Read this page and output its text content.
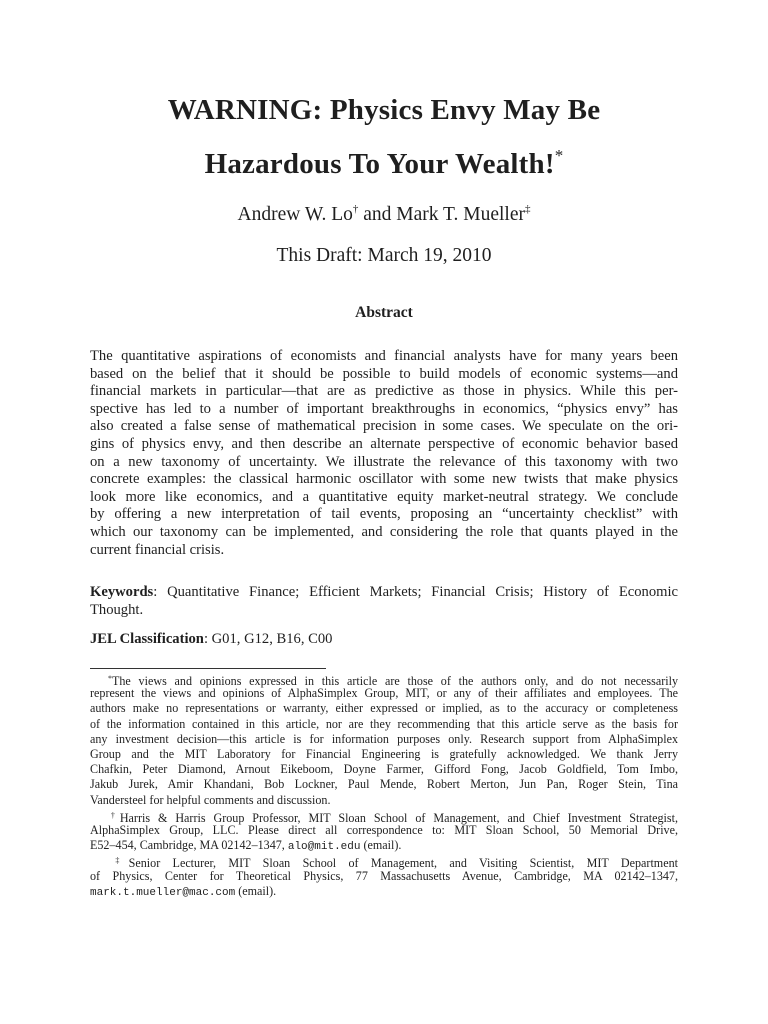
WARNING: Physics Envy May Be
Hazardous To Your Wealth!*
Andrew W. Lo† and Mark T. Mueller‡
This Draft: March 19, 2010
Abstract
The quantitative aspirations of economists and financial analysts have for many years been
based on the belief that it should be possible to build models of economic systems—and
financial markets in particular—that are as predictive as those in physics. While this per-
spective has led to a number of important breakthroughs in economics, “physics envy” has
also created a false sense of mathematical precision in some cases. We speculate on the ori-
gins of physics envy, and then describe an alternate perspective of economic behavior based
on a new taxonomy of uncertainty. We illustrate the relevance of this taxonomy with two
concrete examples: the classical harmonic oscillator with some new twists that make physics
look more like economics, and a quantitative equity market-neutral strategy. We conclude
by offering a new interpretation of tail events, proposing an “uncertainty checklist” with
which our taxonomy can be implemented, and considering the role that quants played in the
current financial crisis.
Keywords: Quantitative Finance; Efficient Markets; Financial Crisis; History of Economic
Thought.
JEL Classification: G01, G12, B16, C00
*The views and opinions expressed in this article are those of the authors only, and do not necessarily
represent the views and opinions of AlphaSimplex Group, MIT, or any of their affiliates and employees. The
authors make no representations or warranty, either expressed or implied, as to the accuracy or completeness
of the information contained in this article, nor are they recommending that this article serve as the basis for
any investment decision—this article is for information purposes only. Research support from AlphaSimplex
Group and the MIT Laboratory for Financial Engineering is gratefully acknowledged. We thank Jerry
Chafkin, Peter Diamond, Arnout Eikeboom, Doyne Farmer, Gifford Fong, Jacob Goldfield, Tom Imbo,
Jakub Jurek, Amir Khandani, Bob Lockner, Paul Mende, Robert Merton, Jun Pan, Roger Stein, Tina
Vandersteel for helpful comments and discussion.
†Harris & Harris Group Professor, MIT Sloan School of Management, and Chief Investment Strategist,
AlphaSimplex Group, LLC. Please direct all correspondence to: MIT Sloan School, 50 Memorial Drive,
E52–454, Cambridge, MA 02142–1347, alo@mit.edu (email).
‡Senior Lecturer, MIT Sloan School of Management, and Visiting Scientist, MIT Department
of Physics, Center for Theoretical Physics, 77 Massachusetts Avenue, Cambridge, MA 02142–1347,
mark.t.mueller@mac.com (email).
